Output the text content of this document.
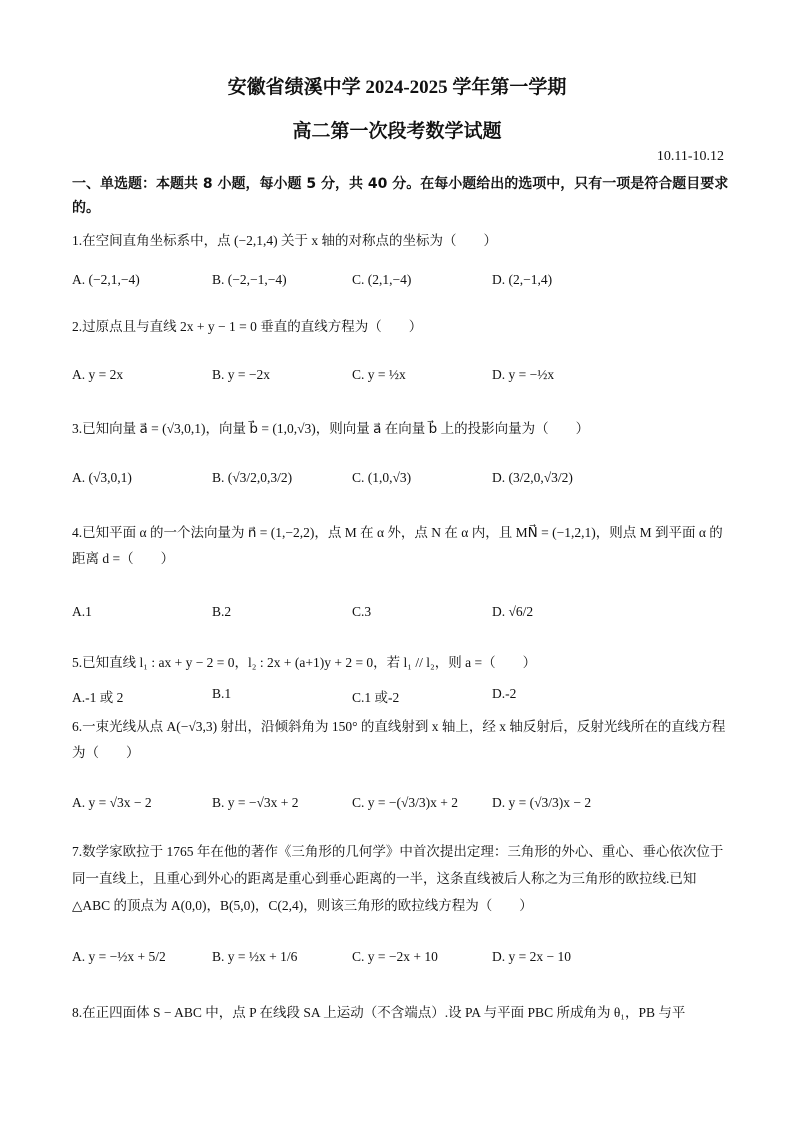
安徽省绩溪中学 2024-2025 学年第一学期
高二第一次段考数学试题
10.11-10.12
一、单选题：本题共 8 小题，每小题 5 分，共 40 分。在每小题给出的选项中，只有一项是符合题目要求的。
1.在空间直角坐标系中，点 (−2,1,4) 关于 x 轴的对称点的坐标为（　　）
A. (−2,1,−4)	B. (−2,−1,−4)	C. (2,1,−4)	D. (2,−1,4)
2.过原点且与直线 2x + y − 1 = 0 垂直的直线方程为（　　）
A. y = 2x	B. y = −2x	C. y = ½x	D. y = −½x
3.已知向量 a⃗ = (√3,0,1)，向量 b⃗ = (1,0,√3)，则向量 a⃗ 在向量 b⃗ 上的投影向量为（　　）
A. (√3,0,1)	B. (√3/2,0,3/2)	C. (1,0,√3)	D. (3/2,0,√3/2)
4.已知平面 α 的一个法向量为 n⃗ = (1,−2,2)，点 M 在 α 外，点 N 在 α 内，且 MN⃗ = (−1,2,1)，则点 M 到平面 α 的距离 d =（　　）
A.1	B.2	C.3	D. √6/2
5.已知直线 l₁ : ax + y − 2 = 0，l₂ : 2x + (a+1)y + 2 = 0，若 l₁ // l₂，则 a =（　　）
A.-1 或 2	B.1	C.1 或-2	D.-2
6.一束光线从点 A(−√3,3) 射出，沿倾斜角为 150° 的直线射到 x 轴上，经 x 轴反射后，反射光线所在的直线方程为（　　）
A. y = √3x − 2	B. y = −√3x + 2	C. y = −(√3/3)x + 2	D. y = (√3/3)x − 2
7.数学家欧拉于 1765 年在他的著作《三角形的几何学》中首次提出定理：三角形的外心、重心、垂心依次位于同一直线上，且重心到外心的距离是重心到垂心距离的一半，这条直线被后人称之为三角形的欧拉线.已知△ABC 的顶点为 A(0,0)，B(5,0)，C(2,4)，则该三角形的欧拉线方程为（　　）
A. y = −½x + 5/2	B. y = ½x + 1/6	C. y = −2x + 10	D. y = 2x − 10
8.在正四面体 S − ABC 中，点 P 在线段 SA 上运动（不含端点）.设 PA 与平面 PBC 所成角为 θ₁，PB 与平
